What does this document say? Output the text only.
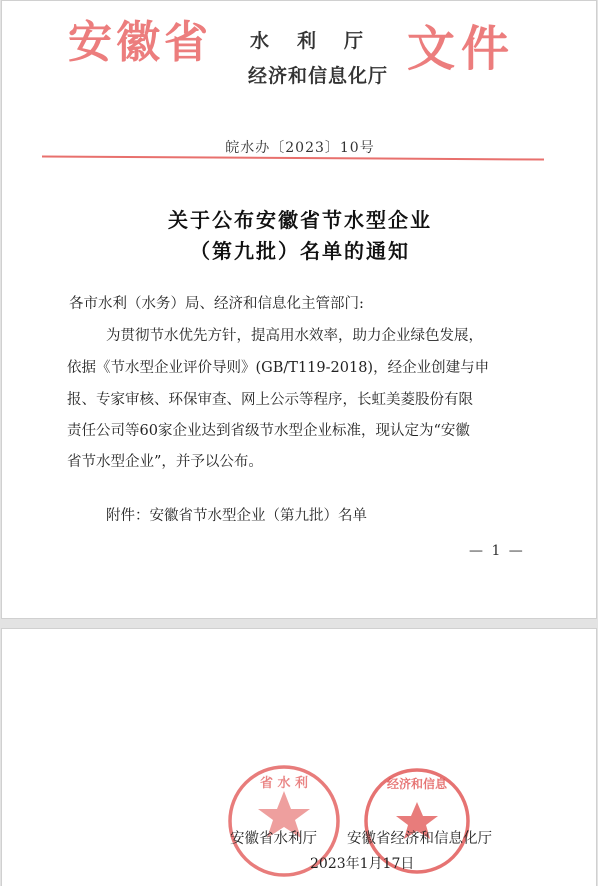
安徽省 水利厅
经济和信息化厅 文件
皖水办〔2023〕10号
关于公布安徽省节水型企业
（第九批）名单的通知
各市水利（水务）局、经济和信息化主管部门:
为贯彻节水优先方针，提高用水效率，助力企业绿色发展，
依据《节水型企业评价导则》(GB/T119-2018)，经企业创建与申
报、专家审核、环保审查、网上公示等程序，长虹美菱股份有限
责任公司等60家企业达到省级节水型企业标准，现认定为“安徽
省节水型企业”，并予以公布。
附件：安徽省节水型企业（第九批）名单
— 1 —
省 水 利	经济和信息
安徽省水利厅 安徽省经济和信息化厅
2023年1月17日
